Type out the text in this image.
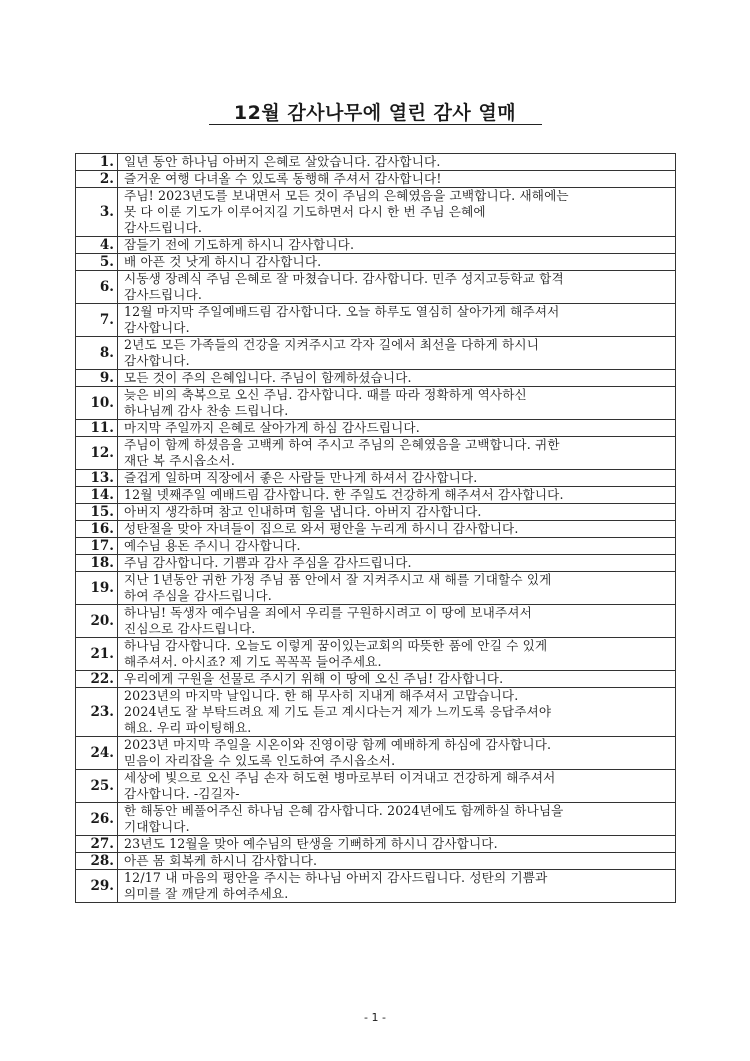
12월 감사나무에 열린 감사 열매
1.	일년 동안 하나님 아버지 은혜로 살았습니다. 감사합니다.
2.	즐거운 여행 다녀올 수 있도록 동행해 주셔서 감사합니다!
3.	주님! 2023년도를 보내면서 모든 것이 주님의 은혜였음을 고백합니다. 새해에는
못 다 이룬 기도가 이루어지길 기도하면서 다시 한 번 주님 은혜에
감사드립니다.
4.	잠들기 전에 기도하게 하시니 감사합니다.
5.	배 아픈 것 낫게 하시니 감사합니다.
6.	시동생 장례식 주님 은혜로 잘 마쳤습니다. 감사합니다. 민주 성지고등학교 합격
감사드립니다.
7.	12월 마지막 주일예배드림 감사합니다. 오늘 하루도 열심히 살아가게 해주셔서
감사합니다.
8.	2년도 모든 가족들의 건강을 지켜주시고 각자 길에서 최선을 다하게 하시니
감사합니다.
9.	모든 것이 주의 은혜입니다. 주님이 함께하셨습니다.
10.	늦은 비의 축복으로 오신 주님. 감사합니다. 때를 따라 정확하게 역사하신
하나님께 감사 찬송 드립니다.
11.	마지막 주일까지 은혜로 살아가게 하심 감사드립니다.
12.	주님이 함께 하셨음을 고백케 하여 주시고 주님의 은혜였음을 고백합니다. 귀한
재단 복 주시옵소서.
13.	즐겁게 일하며 직장에서 좋은 사람들 만나게 하셔서 감사합니다.
14.	12월 넷째주일 예배드림 감사합니다. 한 주일도 건강하게 해주셔서 감사합니다.
15.	아버지 생각하며 참고 인내하며 힘을 냅니다. 아버지 감사합니다.
16.	성탄절을 맞아 자녀들이 집으로 와서 평안을 누리게 하시니 감사합니다.
17.	예수님 용돈 주시니 감사합니다.
18.	주님 감사합니다. 기쁨과 감사 주심을 감사드립니다.
19.	지난 1년동안 귀한 가정 주님 품 안에서 잘 지켜주시고 새 해를 기대할수 있게
하여 주심을 감사드립니다.
20.	하나님! 독생자 예수님을 죄에서 우리를 구원하시려고 이 땅에 보내주셔서
진심으로 감사드립니다.
21.	하나님 감사합니다. 오늘도 이렇게 꿈이있는교회의 따뜻한 품에 안길 수 있게
해주셔서. 아시죠? 제 기도 꼭꼭꼭 들어주세요.
22.	우리에게 구원을 선물로 주시기 위해 이 땅에 오신 주님! 감사합니다.
23.	2023년의 마지막 날입니다. 한 해 무사히 지내게 해주셔서 고맙습니다.
2024년도 잘 부탁드려요 제 기도 듣고 계시다는거 제가 느끼도록 응답주셔야
해요. 우리 파이팅해요.
24.	2023년 마지막 주일을 시온이와 진영이랑 함께 예배하게 하심에 감사합니다.
믿음이 자리잡을 수 있도록 인도하여 주시옵소서.
25.	세상에 빛으로 오신 주님 손자 허도현 병마로부터 이겨내고 건강하게 해주셔서
감사합니다. -김길자-
26.	한 해동안 베풀어주신 하나님 은혜 감사합니다. 2024년에도 함께하실 하나님을
기대합니다.
27.	23년도 12월을 맞아 예수님의 탄생을 기뻐하게 하시니 감사합니다.
28.	아픈 몸 회복케 하시니 감사합니다.
29.	12/17 내 마음의 평안을 주시는 하나님 아버지 감사드립니다. 성탄의 기쁨과
의미를 잘 깨닫게 하여주세요.
- 1 -
